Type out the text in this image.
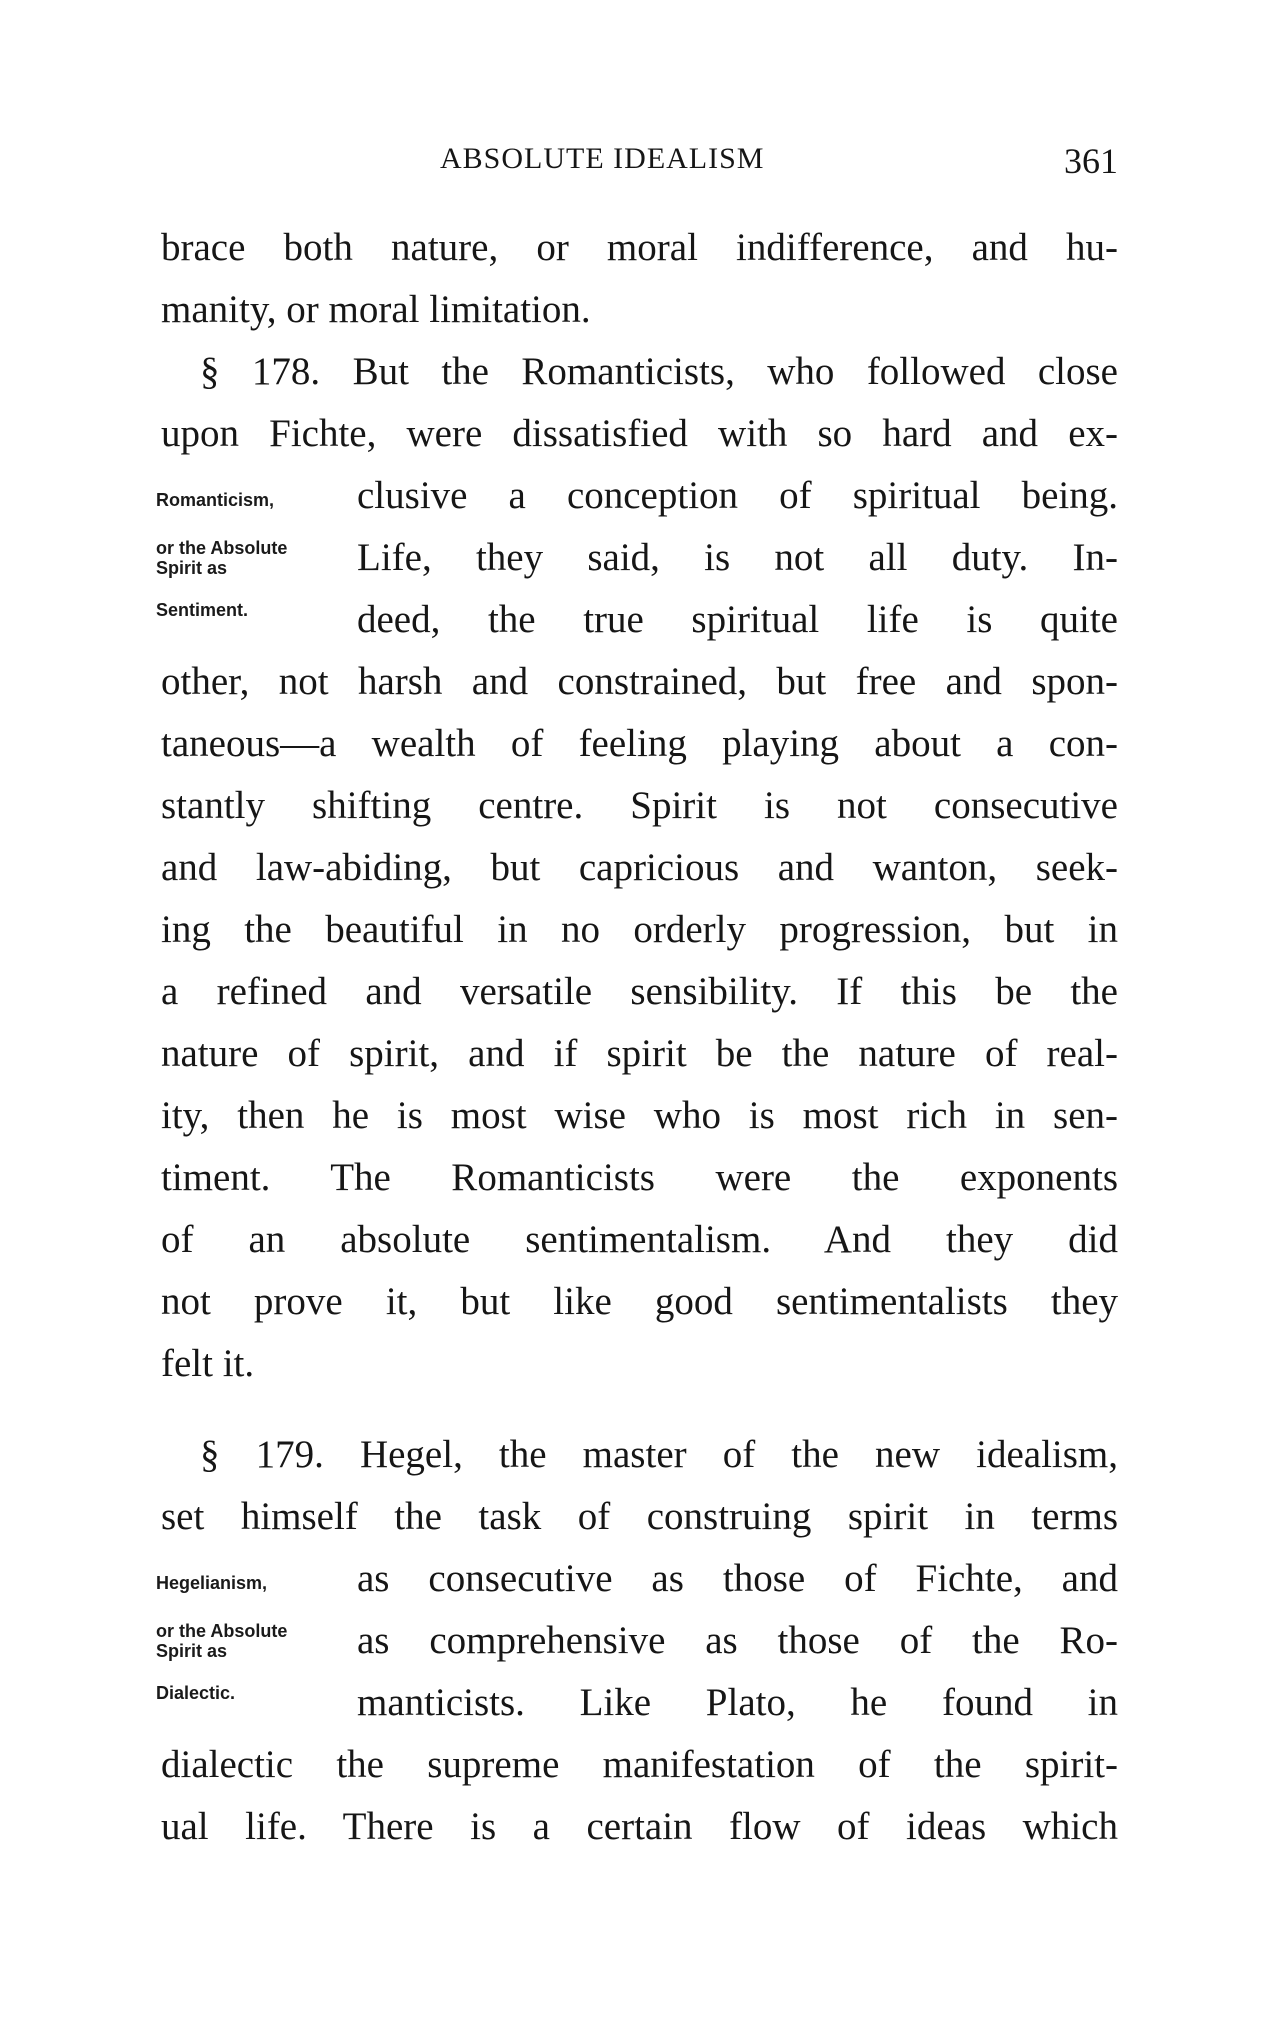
ABSOLUTE IDEALISM	361
brace both nature, or moral indifference, and hu-
manity, or moral limitation.
§ 178. But the Romanticists, who followed close
upon Fichte, were dissatisfied with so hard and ex-
clusive a conception of spiritual being.
Life, they said, is not all duty. In-
deed, the true spiritual life is quite
other, not harsh and constrained, but free and spon-
taneous—a wealth of feeling playing about a con-
stantly shifting centre. Spirit is not consecutive
and law-abiding, but capricious and wanton, seek-
ing the beautiful in no orderly progression, but in
a refined and versatile sensibility. If this be the
nature of spirit, and if spirit be the nature of real-
ity, then he is most wise who is most rich in sen-
timent. The Romanticists were the exponents
of an absolute sentimentalism. And they did
not prove it, but like good sentimentalists they
felt it.
§ 179. Hegel, the master of the new idealism,
set himself the task of construing spirit in terms
as consecutive as those of Fichte, and
as comprehensive as those of the Ro-
manticists. Like Plato, he found in
dialectic the supreme manifestation of the spirit-
ual life. There is a certain flow of ideas which
Romanticism,
or the Absolute
Spirit as
Sentiment.
Hegelianism,
or the Absolute
Spirit as
Dialectic.
